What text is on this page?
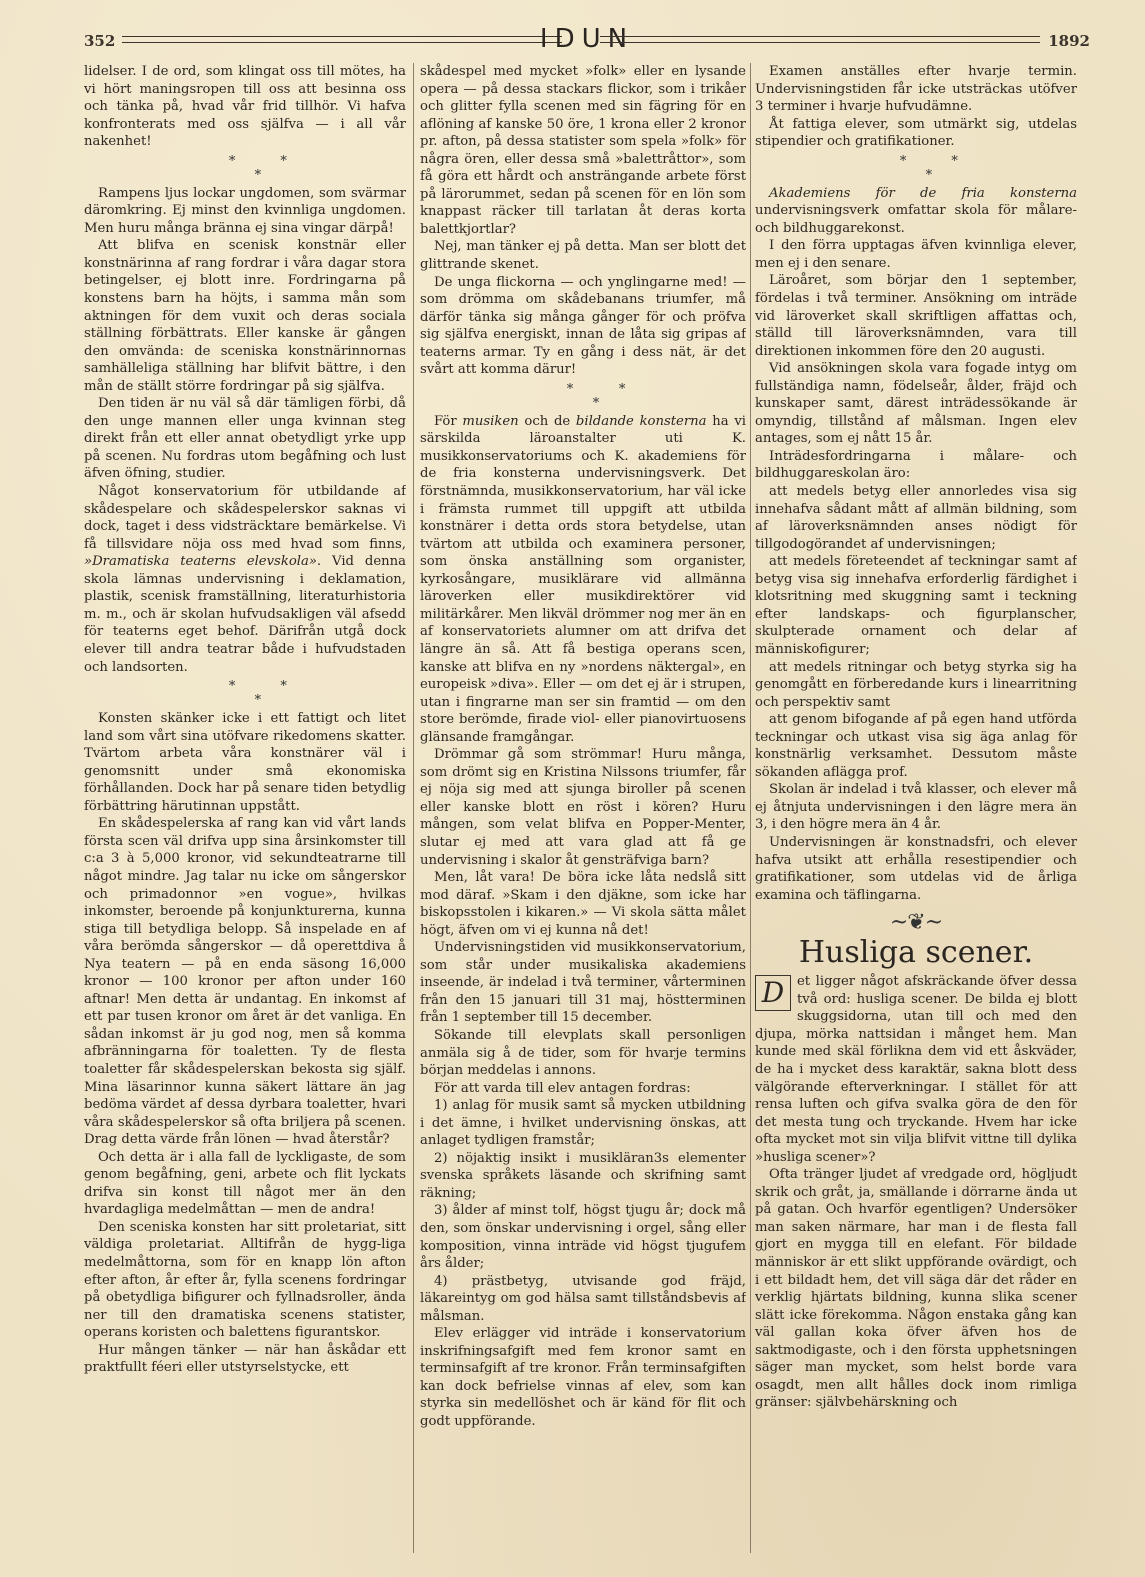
352	IDUN	1892

lidelser. I de ord, som klingat oss till mötes, ha vi hört maningsropen till oss att besinna oss och tänka på, hvad vår frid tillhör. Vi hafva konfronterats med oss själfva — i all vår nakenhet!

*	*
*

Rampens ljus lockar ungdomen, som svärmar däromkring. Ej minst den kvinnliga ungdomen. Men huru många bränna ej sina vingar därpå!

Att blifva en scenisk konstnär eller konstnärinna af rang fordrar i våra dagar stora betingelser, ej blott inre. Fordringarna på konstens barn ha höjts, i samma mån som aktningen för dem vuxit och deras sociala ställning förbättrats. Eller kanske är gången den omvända: de sceniska konstnärinnornas samhälleliga ställning har blifvit bättre, i den mån de ställt större fordringar på sig själfva.

Den tiden är nu väl så där tämligen förbi, då den unge mannen eller unga kvinnan steg direkt från ett eller annat obetydligt yrke upp på scenen. Nu fordras utom begåfning och lust äfven öfning, studier.

Något konservatorium för utbildande af skådespelare och skådespelerskor saknas vi dock, taget i dess vidsträcktare bemärkelse. Vi få tillsvidare nöja oss med hvad som finns, »Dramatiska teaterns elevskola». Vid denna skola lämnas undervisning i deklamation, plastik, scenisk framställning, literaturhistoria m. m., och är skolan hufvudsakligen väl afsedd för teaterns eget behof. Därifrån utgå dock elever till andra teatrar både i hufvudstaden och landsorten.

*	*
*

Konsten skänker icke i ett fattigt och litet land som vårt sina utöfvare rikedomens skatter. Tvärtom arbeta våra konstnärer väl i genomsnitt under små ekonomiska förhållanden. Dock har på senare tiden betydlig förbättring härutinnan uppstått.

En skådespelerska af rang kan vid vårt lands första scen väl drifva upp sina årsinkomster till c:a 3 à 5,000 kronor, vid sekundteatrarne till något mindre. Jag talar nu icke om sångerskor och primadonnor »en vogue», hvilkas inkomster, beroende på konjunkturerna, kunna stiga till betydliga belopp. Så inspelade en af våra berömda sångerskor — då operettdiva å Nya teatern — på en enda säsong 16,000 kronor — 100 kronor per afton under 160 aftnar! Men detta är undantag. En inkomst af ett par tusen kronor om året är det vanliga. En sådan inkomst är ju god nog, men så komma afbränningarna för toaletten. Ty de flesta toaletter får skådespelerskan bekosta sig själf. Mina läsarinnor kunna säkert lättare än jag bedöma värdet af dessa dyrbara toaletter, hvari våra skådespelerskor så ofta briljera på scenen. Drag detta värde från lönen — hvad återstår?

Och detta är i alla fall de lyckligaste, de som genom begåfning, geni, arbete och flit lyckats drifva sin konst till något mer än den hvardagliga medelmåttan — men de andra!

Den sceniska konsten har sitt proletariat, sitt väldiga proletariat. Alltifrån de hygg-liga medelmåttorna, som för en knapp lön afton efter afton, år efter år, fylla scenens fordringar på obetydliga bifigurer och fyllnadsroller, ända ner till den dramatiska scenens statister, operans koristen och balettens figurantskor.

Hur mången tänker — när han åskådar ett praktfullt féeri eller utstyrselstycke, ett

skådespel med mycket »folk» eller en lysande opera — på dessa stackars flickor, som i trikåer och glitter fylla scenen med sin fägring för en aflöning af kanske 50 öre, 1 krona eller 2 kronor pr. afton, på dessa statister som spela »folk» för några ören, eller dessa små »balettråttor», som få göra ett hårdt och ansträngande arbete först på lärorummet, sedan på scenen för en lön som knappast räcker till tarlatan åt deras korta balettkjortlar?

Nej, man tänker ej på detta. Man ser blott det glittrande skenet.

De unga flickorna — och ynglingarne med! — som drömma om skådebanans triumfer, må därför tänka sig många gånger för och pröfva sig själfva energiskt, innan de låta sig gripas af teaterns armar. Ty en gång i dess nät, är det svårt att komma därur!

*	*
*

För musiken och de bildande konsterna ha vi särskilda läroanstalter uti K. musikkonservatoriums och K. akademiens för de fria konsterna undervisningsverk. Det förstnämnda, musikkonservatorium, har väl icke i främsta rummet till uppgift att utbilda konstnärer i detta ords stora betydelse, utan tvärtom att utbilda och examinera personer, som önska anställning som organister, kyrkosångare, musiklärare vid allmänna läroverken eller musikdirektörer vid militärkårer. Men likväl drömmer nog mer än en af konservatoriets alumner om att drifva det längre än så. Att få bestiga operans scen, kanske att blifva en ny »nordens näktergal», en europeisk »diva». Eller — om det ej är i strupen, utan i fingrarne man ser sin framtid — om den store berömde, firade viol- eller pianovirtuosens glänsande framgångar.

Drömmar gå som strömmar! Huru många, som drömt sig en Kristina Nilssons triumfer, får ej nöja sig med att sjunga biroller på scenen eller kanske blott en röst i kören? Huru mången, som velat blifva en Popper-Menter, slutar ej med att vara glad att få ge undervisning i skalor åt gensträfviga barn?

Men, låt vara! De böra icke låta nedslå sitt mod däraf. »Skam i den djäkne, som icke har biskopsstolen i kikaren.» — Vi skola sätta målet högt, äfven om vi ej kunna nå det!

Undervisningstiden vid musikkonservatorium, som står under musikaliska akademiens inseende, är indelad i två terminer, vårterminen från den 15 januari till 31 maj, höstterminen från 1 september till 15 december.

Sökande till elevplats skall personligen anmäla sig å de tider, som för hvarje termins början meddelas i annons.

För att varda till elev antagen fordras:

1) anlag för musik samt så mycken utbildning i det ämne, i hvilket undervisning önskas, att anlaget tydligen framstår;

2) nöjaktig insikt i musikläran3s elementer svenska språkets läsande och skrifning samt räkning;

3) ålder af minst tolf, högst tjugu år; dock må den, som önskar undervisning i orgel, sång eller komposition, vinna inträde vid högst tjugufem års ålder;

4) prästbetyg, utvisande god fräjd, läkareintyg om god hälsa samt tillståndsbevis af målsman.

Elev erlägger vid inträde i konservatorium inskrifningsafgift med fem kronor samt en terminsafgift af tre kronor. Från terminsafgiften kan dock befrielse vinnas af elev, som kan styrka sin medellöshet och är känd för flit och godt uppförande.

Examen anställes efter hvarje termin. Undervisningstiden får icke utsträckas utöfver 3 terminer i hvarje hufvudämne.

Åt fattiga elever, som utmärkt sig, utdelas stipendier och gratifikationer.

*	*
*

Akademiens för de fria konsterna undervisningsverk omfattar skola för målare- och bildhuggarekonst.

I den förra upptagas äfven kvinnliga elever, men ej i den senare.

Läroåret, som börjar den 1 september, fördelas i två terminer. Ansökning om inträde vid läroverket skall skriftligen affattas och, ställd till läroverksnämnden, vara till direktionen inkommen före den 20 augusti.

Vid ansökningen skola vara fogade intyg om fullständiga namn, födelseår, ålder, fräjd och kunskaper samt, därest inträdessökande är omyndig, tillstånd af målsman. Ingen elev antages, som ej nått 15 år.

Inträdesfordringarna i målare- och bildhuggareskolan äro:

att medels betyg eller annorledes visa sig innehafva sådant mått af allmän bildning, som af läroverksnämnden anses nödigt för tillgodogörandet af undervisningen;

att medels företeendet af teckningar samt af betyg visa sig innehafva erforderlig färdighet i klotsritning med skuggning samt i teckning efter landskaps- och figurplanscher, skulpterade ornament och delar af människofigurer;

att medels ritningar och betyg styrka sig ha genomgått en förberedande kurs i linearritning och perspektiv samt

att genom bifogande af på egen hand utförda teckningar och utkast visa sig äga anlag för konstnärlig verksamhet. Dessutom måste sökanden afläggа prof.

Skolan är indelad i två klasser, och elever må ej åtnjuta undervisningen i den lägre mera än 3, i den högre mera än 4 år.

Undervisningen är konstnadsfri, och elever hafva utsikt att erhålla resestipendier och gratifikationer, som utdelas vid de årliga examina och täflingarna.

~❦~
Husliga scener.

D et ligger något afskräckande öfver dessa två ord: husliga scener. De bilda ej blott skuggsidorna, utan till och med den djupa, mörka nattsidan i månget hem. Man kunde med skäl förlikna dem vid ett åskväder, de ha i mycket dess karaktär, sakna blott dess välgörande efterverkningar. I stället för att rensa luften och gifva svalka göra de den för det mesta tung och tryckande. Hvem har icke ofta mycket mot sin vilja blifvit vittne till dylika »husliga scener»?

Ofta tränger ljudet af vredgade ord, högljudt skrik och gråt, ja, smällande i dörrarne ända ut på gatan. Och hvarför egentligen? Undersöker man saken närmare, har man i de flesta fall gjort en mygga till en elefant. För bildade människor är ett slikt uppförande ovärdigt, och i ett bildadt hem, det vill säga där det råder en verklig hjärtats bildning, kunna slika scener slätt icke förekomma. Någon enstaka gång kan väl gallan koka öfver äfven hos de saktmodigaste, och i den första upphetsningen säger man mycket, som helst borde vara osagdt, men allt hålles dock inom rimliga gränser: självbehärskning och
